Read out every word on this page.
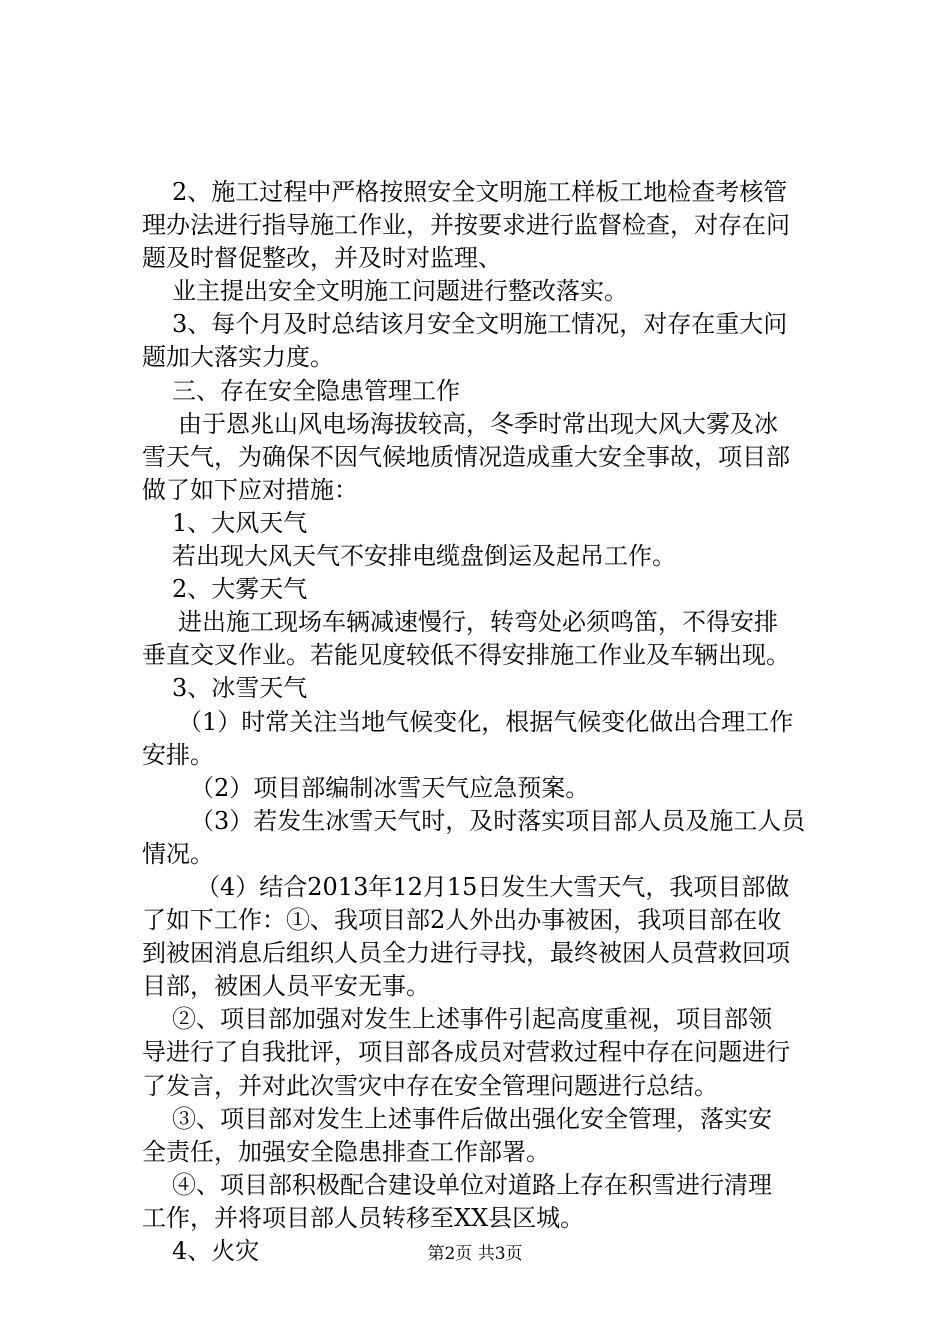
2、施工过程中严格按照安全文明施工样板工地检查考核管

理办法进行指导施工作业，并按要求进行监督检查，对存在问

题及时督促整改，并及时对监理、

业主提出安全文明施工问题进行整改落实。

3、每个月及时总结该月安全文明施工情况，对存在重大问

题加大落实力度。

三、存在安全隐患管理工作

由于恩兆山风电场海拔较高，冬季时常出现大风大雾及冰

雪天气，为确保不因气候地质情况造成重大安全事故，项目部

做了如下应对措施：

1、大风天气

若出现大风天气不安排电缆盘倒运及起吊工作。

2、大雾天气

进出施工现场车辆减速慢行，转弯处必须鸣笛，不得安排

垂直交叉作业。若能见度较低不得安排施工作业及车辆出现。

3、冰雪天气

（1）时常关注当地气候变化，根据气候变化做出合理工作

安排。

（2）项目部编制冰雪天气应急预案。

（3）若发生冰雪天气时，及时落实项目部人员及施工人员

情况。

（4）结合2013年12月15日发生大雪天气，我项目部做

了如下工作：①、我项目部2人外出办事被困，我项目部在收

到被困消息后组织人员全力进行寻找，最终被困人员营救回项

目部，被困人员平安无事。

②、项目部加强对发生上述事件引起高度重视，项目部领

导进行了自我批评，项目部各成员对营救过程中存在问题进行

了发言，并对此次雪灾中存在安全管理问题进行总结。

③、项目部对发生上述事件后做出强化安全管理，落实安

全责任，加强安全隐患排查工作部署。

④、项目部积极配合建设单位对道路上存在积雪进行清理

工作，并将项目部人员转移至XX县区城。

4、火灾	第2页 共3页
